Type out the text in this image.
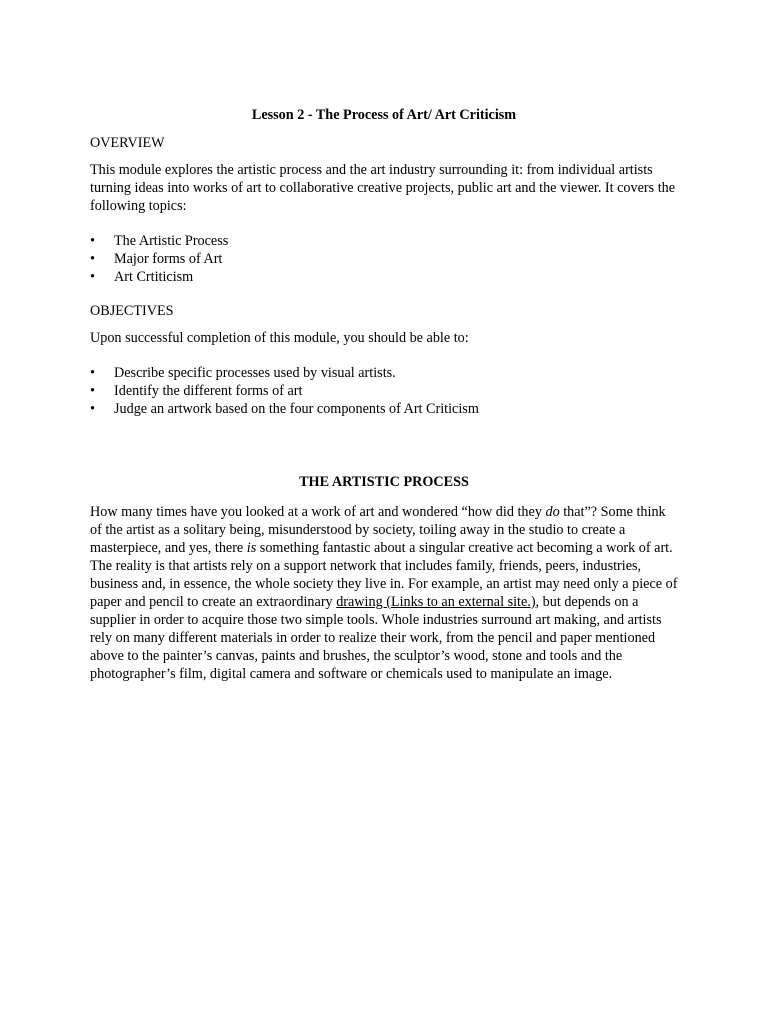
Lesson 2 - The Process of Art/ Art Criticism
OVERVIEW

This module explores the artistic process and the art industry surrounding it: from individual artists turning ideas into works of art to collaborative creative projects, public art and the viewer. It covers the following topics:

• The Artistic Process
• Major forms of Art
• Art Crtiticism
OBJECTIVES

Upon successful completion of this module, you should be able to:

• Describe specific processes used by visual artists.
• Identify the different forms of art
• Judge an artwork based on the four components of Art Criticism
THE ARTISTIC PROCESS
How many times have you looked at a work of art and wondered “how did they do that”? Some think of the artist as a solitary being, misunderstood by society, toiling away in the studio to create a masterpiece, and yes, there is something fantastic about a singular creative act becoming a work of art. The reality is that artists rely on a support network that includes family, friends, peers, industries, business and, in essence, the whole society they live in. For example, an artist may need only a piece of paper and pencil to create an extraordinary drawing (Links to an external site.), but depends on a supplier in order to acquire those two simple tools. Whole industries surround art making, and artists rely on many different materials in order to realize their work, from the pencil and paper mentioned above to the painter’s canvas, paints and brushes, the sculptor’s wood, stone and tools and the photographer’s film, digital camera and software or chemicals used to manipulate an image.
